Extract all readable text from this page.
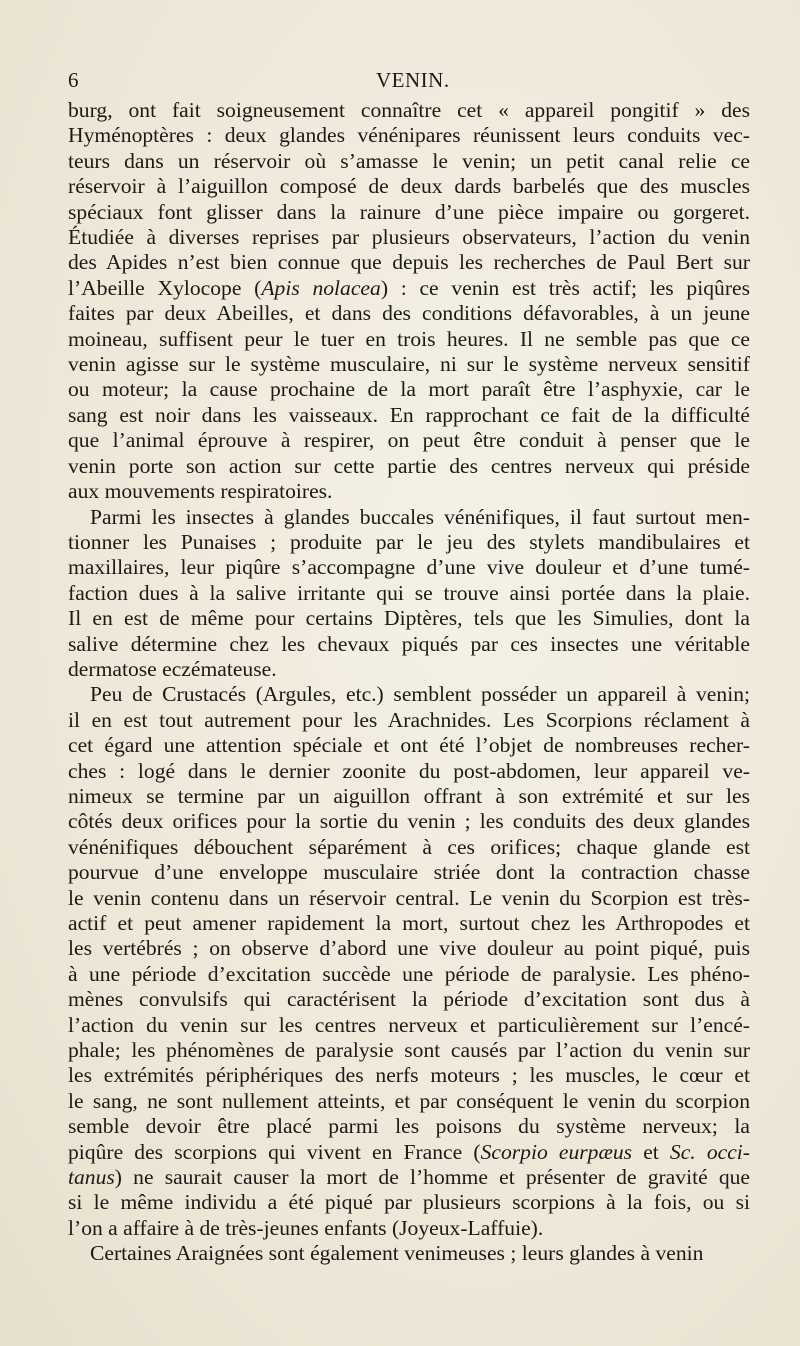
6	VENIN.

burg, ont fait soigneusement connaître cet « appareil pongitif » des
Hyménoptères : deux glandes vénénipares réunissent leurs conduits vec-
teurs dans un réservoir où s’amasse le venin; un petit canal relie ce
réservoir à l’aiguillon composé de deux dards barbelés que des muscles
spéciaux font glisser dans la rainure d’une pièce impaire ou gorgeret.
Étudiée à diverses reprises par plusieurs observateurs, l’action du venin
des Apides n’est bien connue que depuis les recherches de Paul Bert sur
l’Abeille Xylocope (Apis nolacea) : ce venin est très actif; les piqûres
faites par deux Abeilles, et dans des conditions défavorables, à un jeune
moineau, suffisent peur le tuer en trois heures. Il ne semble pas que ce
venin agisse sur le système musculaire, ni sur le système nerveux sensitif
ou moteur; la cause prochaine de la mort paraît être l’asphyxie, car le
sang est noir dans les vaisseaux. En rapprochant ce fait de la difficulté
que l’animal éprouve à respirer, on peut être conduit à penser que le
venin porte son action sur cette partie des centres nerveux qui préside
aux mouvements respiratoires.

Parmi les insectes à glandes buccales vénénifiques, il faut surtout men-
tionner les Punaises ; produite par le jeu des stylets mandibulaires et
maxillaires, leur piqûre s’accompagne d’une vive douleur et d’une tumé-
faction dues à la salive irritante qui se trouve ainsi portée dans la plaie.
Il en est de même pour certains Diptères, tels que les Simulies, dont la
salive détermine chez les chevaux piqués par ces insectes une véritable
dermatose eczémateuse.

Peu de Crustacés (Argules, etc.) semblent posséder un appareil à venin;
il en est tout autrement pour les Arachnides. Les Scorpions réclament à
cet égard une attention spéciale et ont été l’objet de nombreuses recher-
ches : logé dans le dernier zoonite du post-abdomen, leur appareil ve-
nimeux se termine par un aiguillon offrant à son extrémité et sur les
côtés deux orifices pour la sortie du venin ; les conduits des deux glandes
vénénifiques débouchent séparément à ces orifices; chaque glande est
pourvue d’une enveloppe musculaire striée dont la contraction chasse
le venin contenu dans un réservoir central. Le venin du Scorpion est très-
actif et peut amener rapidement la mort, surtout chez les Arthropodes et
les vertébrés ; on observe d’abord une vive douleur au point piqué, puis
à une période d’excitation succède une période de paralysie. Les phéno-
mènes convulsifs qui caractérisent la période d’excitation sont dus à
l’action du venin sur les centres nerveux et particulièrement sur l’encé-
phale; les phénomènes de paralysie sont causés par l’action du venin sur
les extrémités périphériques des nerfs moteurs ; les muscles, le cœur et
le sang, ne sont nullement atteints, et par conséquent le venin du scorpion
semble devoir être placé parmi les poisons du système nerveux; la
piqûre des scorpions qui vivent en France (Scorpio eurpæus et Sc. occi-
tanus) ne saurait causer la mort de l’homme et présenter de gravité que
si le même individu a été piqué par plusieurs scorpions à la fois, ou si
l’on a affaire à de très-jeunes enfants (Joyeux-Laffuie).

Certaines Araignées sont également venimeuses ; leurs glandes à venin
